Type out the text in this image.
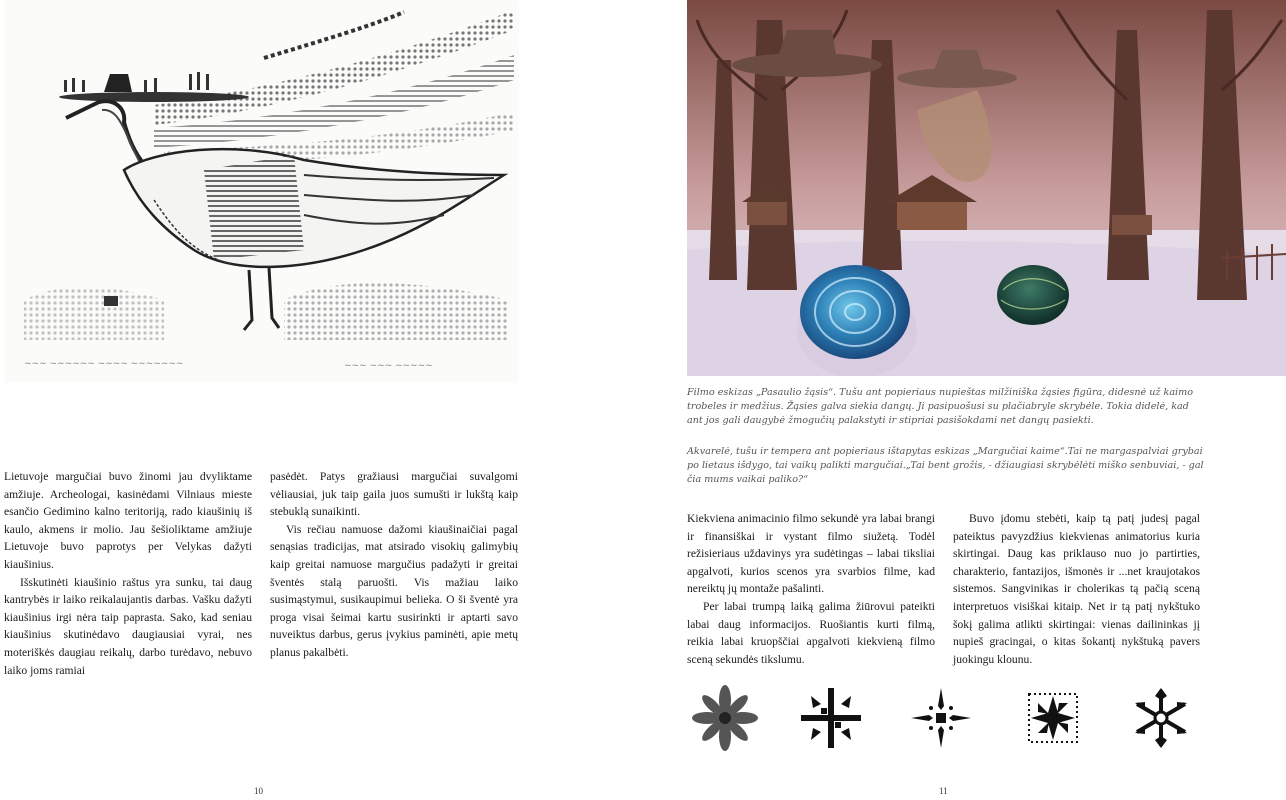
~~~ ~~~~~~ ~~~~ ~~~~~~~	~~~ ~~~ ~~~~~
Filmo eskizas „Pasaulio žąsis“. Tušu ant popieriaus nupieštas milžiniška žąsies figūra, didesnė už kaimo trobeles ir medžius. Žąsies galva siekia dangų. Ji pasipuošusi su plačiabryle skrybėle. Tokia didelė, kad ant jos gali daugybė žmogučių palakstyti ir stipriai pasišokdami net dangų pasiekti.
Akvarelė, tušu ir tempera ant popieriaus ištapytas eskizas „Margučiai kaime“.Tai ne margaspalviai grybai po lietaus išdygo, tai vaikų palikti margučiai.„Tai bent grožis, - džiaugiasi skrybėlėti miško senbuviai, - gal čia mums vaikai paliko?“

Lietuvoje margučiai buvo žinomi jau dvyliktame amžiuje. Archeologai, kasinėdami Vilniaus mieste esančio Gedimino kalno teritoriją, rado kiaušinių iš kaulo, akmens ir molio. Jau šešioliktame amžiuje Lietuvoje buvo paprotys per Velykas dažyti kiaušinius.

Išskutinėti kiaušinio raštus yra sunku, tai daug kantrybės ir laiko reikalaujantis darbas. Vašku dažyti kiaušinius irgi nėra taip paprasta. Sako, kad seniau kiaušinius skutinėdavo daugiausiai vyrai, nes moteriškės daugiau reikalų, darbo turėdavo, nebuvo laiko joms ramiai

pasėdėt. Patys gražiausi margučiai suvalgomi vėliausiai, juk taip gaila juos sumušti ir lukštą kaip stebuklą sunaikinti.

Vis rečiau namuose dažomi kiaušinaičiai pagal senąsias tradicijas, mat atsirado visokių galimybių kaip greitai namuose margučius padažyti ir greitai šventės stalą paruošti. Vis mažiau laiko susimąstymui, susikaupimui belieka. O ši šventė yra proga visai šeimai kartu susirinkti ir aptarti savo nuveiktus darbus, gerus įvykius paminėti, apie metų planus pakalbėti.

Kiekviena animacinio filmo sekundė yra labai brangi ir finansiškai ir vystant filmo siužetą. Todėl režisieriaus uždavinys yra sudėtingas – labai tiksliai apgalvoti, kurios scenos yra svarbios filme, kad nereiktų jų montaže pašalinti.

Per labai trumpą laiką galima žiūrovui pateikti labai daug informacijos. Ruošiantis kurti filmą, reikia labai kruopščiai apgalvoti kiekvieną filmo sceną sekundės tikslumu.

Buvo įdomu stebėti, kaip tą patį judesį pagal pateiktus pavyzdžius kiekvienas animatorius kuria skirtingai. Daug kas priklauso nuo jo partirties, charakterio, fantazijos, išmonės ir ...net kraujotakos sistemos. Sangvinikas ir cholerikas tą pačią sceną interpretuos visiškai kitaip. Net ir tą patį nykštuko šokį galima atlikti skirtingai: vienas dailininkas jį nupieš gracingai, o kitas šokantį nykštuką pavers juokingu klounu.

10	11
